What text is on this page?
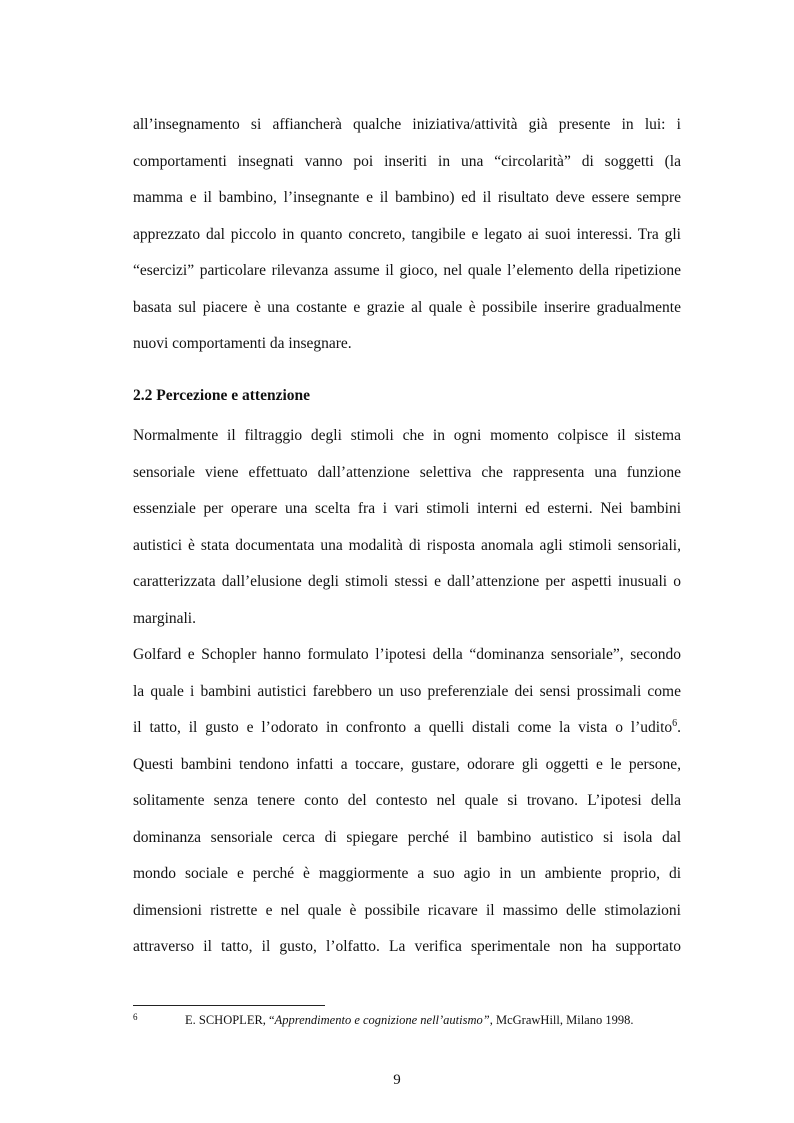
all’insegnamento si affiancherà qualche iniziativa/attività già presente in lui: i
comportamenti insegnati vanno poi inseriti in una “circolarità” di soggetti (la
mamma e il bambino, l’insegnante e il bambino) ed il risultato deve essere sempre
apprezzato dal piccolo in quanto concreto, tangibile e legato ai suoi interessi. Tra gli
“esercizi” particolare rilevanza assume il gioco, nel quale l’elemento della ripetizione
basata sul piacere è una costante e grazie al quale è possibile inserire gradualmente
nuovi comportamenti da insegnare.
2.2 Percezione e attenzione
Normalmente il filtraggio degli stimoli che in ogni momento colpisce il sistema
sensoriale viene effettuato dall’attenzione selettiva che rappresenta una funzione
essenziale per operare una scelta fra i vari stimoli interni ed esterni. Nei bambini
autistici è stata documentata una modalità di risposta anomala agli stimoli sensoriali,
caratterizzata dall’elusione degli stimoli stessi e dall’attenzione per aspetti inusuali o
marginali.
Golfard e Schopler hanno formulato l’ipotesi della “dominanza sensoriale”, secondo
la quale i bambini autistici farebbero un uso preferenziale dei sensi prossimali come
il tatto, il gusto e l’odorato in confronto a quelli distali come la vista o l’udito$^6$.
Questi bambini tendono infatti a toccare, gustare, odorare gli oggetti e le persone,
solitamente senza tenere conto del contesto nel quale si trovano. L’ipotesi della
dominanza sensoriale cerca di spiegare perché il bambino autistico si isola dal
mondo sociale e perché è maggiormente a suo agio in un ambiente proprio, di
dimensioni ristrette e nel quale è possibile ricavare il massimo delle stimolazioni
attraverso il tatto, il gusto, l’olfatto. La verifica sperimentale non ha supportato
6	E. SCHOPLER, “Apprendimento e cognizione nell’autismo”, McGrawHill, Milano 1998.
9
